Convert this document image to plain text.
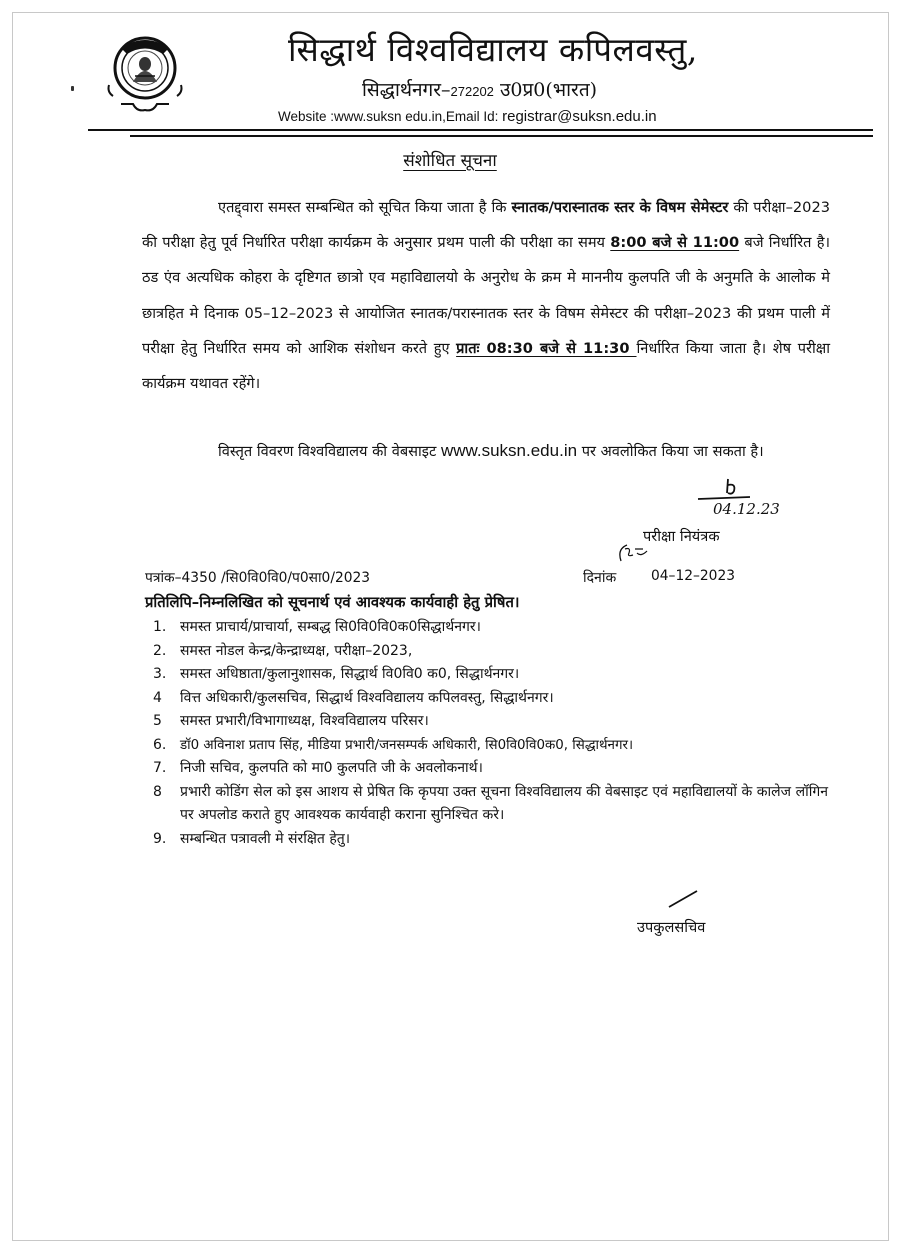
सिद्धार्थ विश्वविद्यालय कपिलवस्तु,
सिद्धार्थनगर–272202 उ0प्र0(भारत)
Website :www.suksn edu.in,Email Id: registrar@suksn.edu.in
संशोधित सूचना
एतद्द्वारा समस्त सम्बन्धित को सूचित किया जाता है कि स्नातक/परास्नातक स्तर के विषम सेमेस्टर की परीक्षा–2023 की परीक्षा हेतु पूर्व निर्धारित परीक्षा कार्यक्रम के अनुसार प्रथम पाली की परीक्षा का समय 8:00 बजे से 11:00 बजे निर्धारित है। ठड एंव अत्यधिक कोहरा के दृष्टिगत छात्रो एव महाविद्यालयो के अनुरोध के क्रम मे माननीय कुलपति जी के अनुमति के आलोक मे छात्रहित मे दिनाक 05–12–2023 से आयोजित स्नातक/परास्नातक स्तर के विषम सेमेस्टर की परीक्षा–2023 की प्रथम पाली में परीक्षा हेतु निर्धारित समय को आशिक संशोधन करते हुए प्रातः 08:30 बजे से 11:30 निर्धारित किया जाता है। शेष परीक्षा कार्यक्रम यथावत रहेंगे।
विस्तृत विवरण विश्वविद्यालय की वेबसाइट www.suksn.edu.in पर अवलोकित किया जा सकता है।
04.12.23
परीक्षा नियंत्रक
पत्रांक–4350 /सि0वि0वि0/प0सा0/2023	दिनांक	04–12–2023
प्रतिलिपि–निम्नलिखित को सूचनार्थ एवं आवश्यक कार्यवाही हेतु प्रेषित।
1. समस्त प्राचार्य/प्राचार्या, सम्बद्ध सि0वि0वि0क0सिद्धार्थनगर।
2. समस्त नोडल केन्द्र/केन्द्राध्यक्ष, परीक्षा–2023,
3. समस्त अधिष्ठाता/कुलानुशासक, सिद्धार्थ वि0वि0 क0, सिद्धार्थनगर।
4	वित्त अधिकारी/कुलसचिव, सिद्धार्थ विश्वविद्यालय कपिलवस्तु, सिद्धार्थनगर।
5	समस्त प्रभारी/विभागाध्यक्ष, विश्वविद्यालय परिसर।
6.	डॉ0 अविनाश प्रताप सिंह, मीडिया प्रभारी/जनसम्पर्क अधिकारी, सि0वि0वि0क0, सिद्धार्थनगर।
7. निजी सचिव, कुलपति को मा0 कुलपति जी के अवलोकनार्थ।
8	प्रभारी कोडिंग सेल को इस आशय से प्रेषित कि कृपया उक्त सूचना विश्वविद्यालय की वेबसाइट एवं महाविद्यालयों के कालेज लॉगिन पर अपलोड कराते हुए आवश्यक कार्यवाही कराना सुनिश्चित करे।
9. सम्बन्धित पत्रावली मे संरक्षित हेतु।
उपकुलसचिव
